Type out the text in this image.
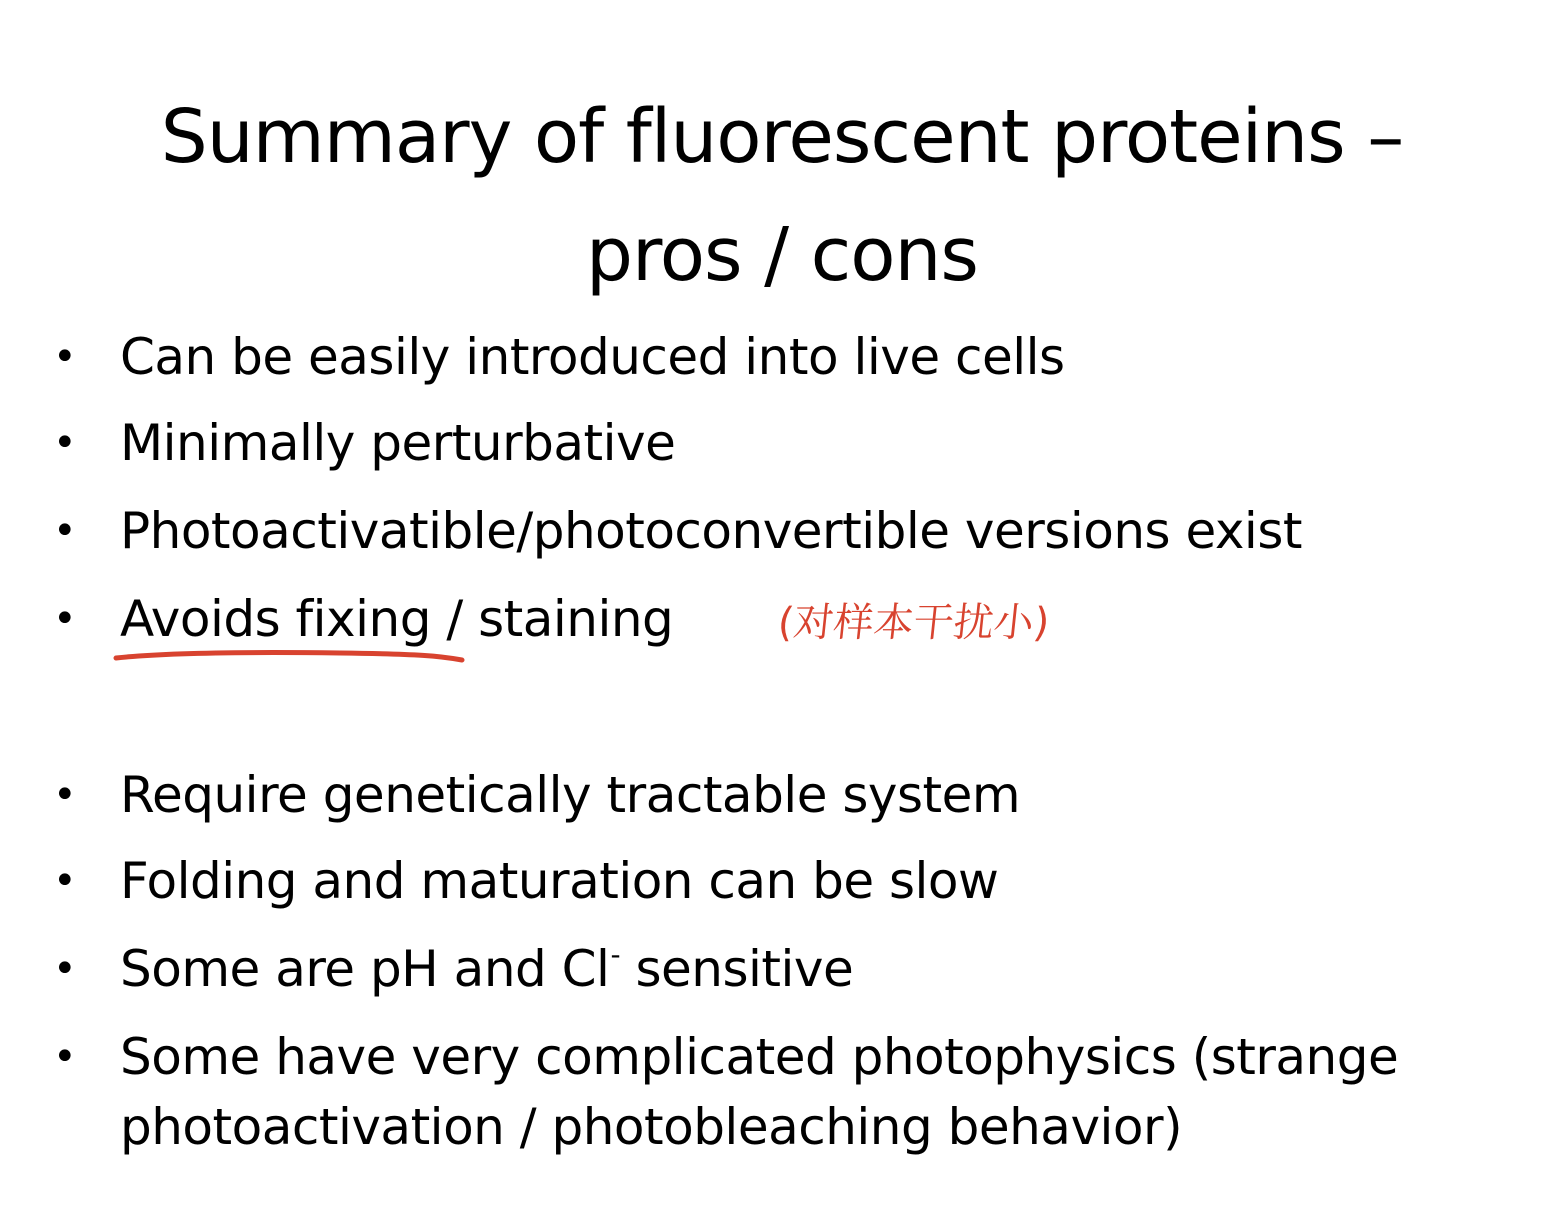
Summary of fluorescent proteins –
pros / cons
• Can be easily introduced into live cells
• Minimally perturbative
• Photoactivatible/photoconvertible versions exist
• Avoids fixing / staining
• Require genetically tractable system
• Folding and maturation can be slow
• Some are pH and Cl- sensitive
• Some have very complicated photophysics (strange
photoactivation / photobleaching behavior)
(对样本干扰小)
